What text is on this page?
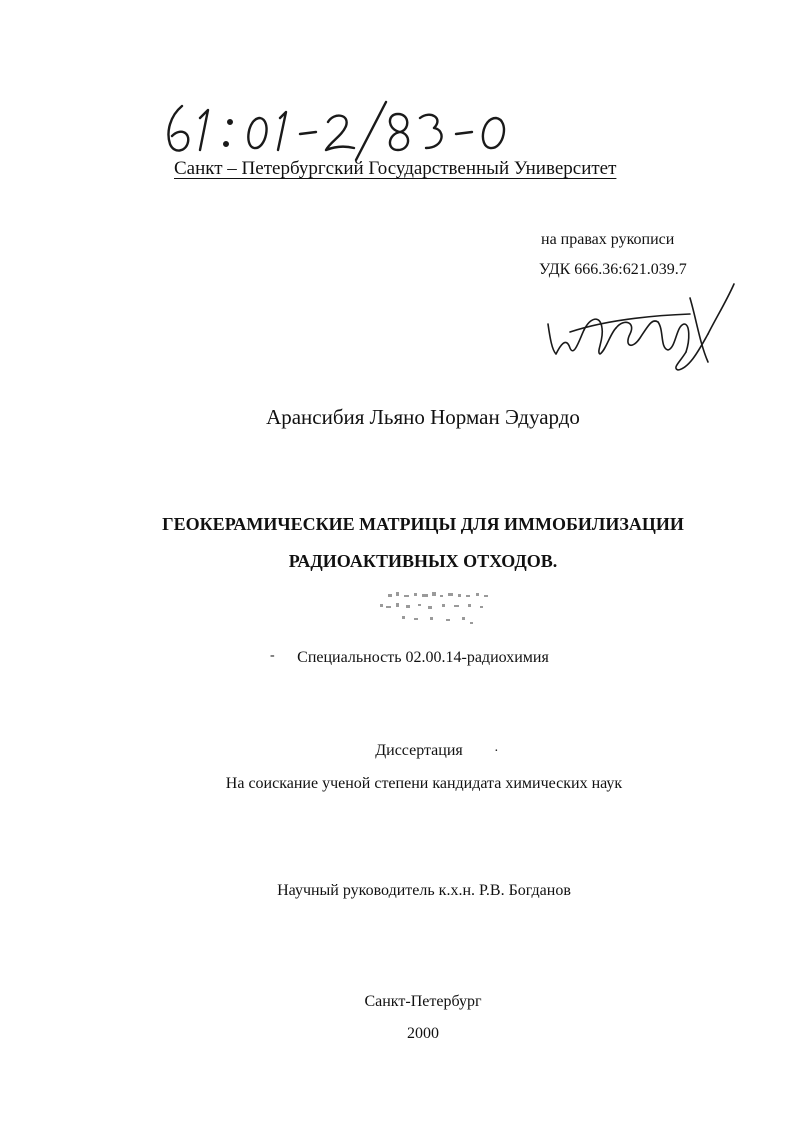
Санкт – Петербургский Государственный Университет
на правах рукописи
УДК 666.36:621.039.7
Арансибия Льяно Норман Эдуардо
ГЕОКЕРАМИЧЕСКИЕ МАТРИЦЫ ДЛЯ ИММОБИЛИЗАЦИИ
РАДИОАКТИВНЫХ ОТХОДОВ.
-	Специальность 02.00.14-радиохимия
Диссертация	·
На соискание ученой степени кандидата химических наук
Научный руководитель к.х.н. Р.В. Богданов
Санкт-Петербург
2000
